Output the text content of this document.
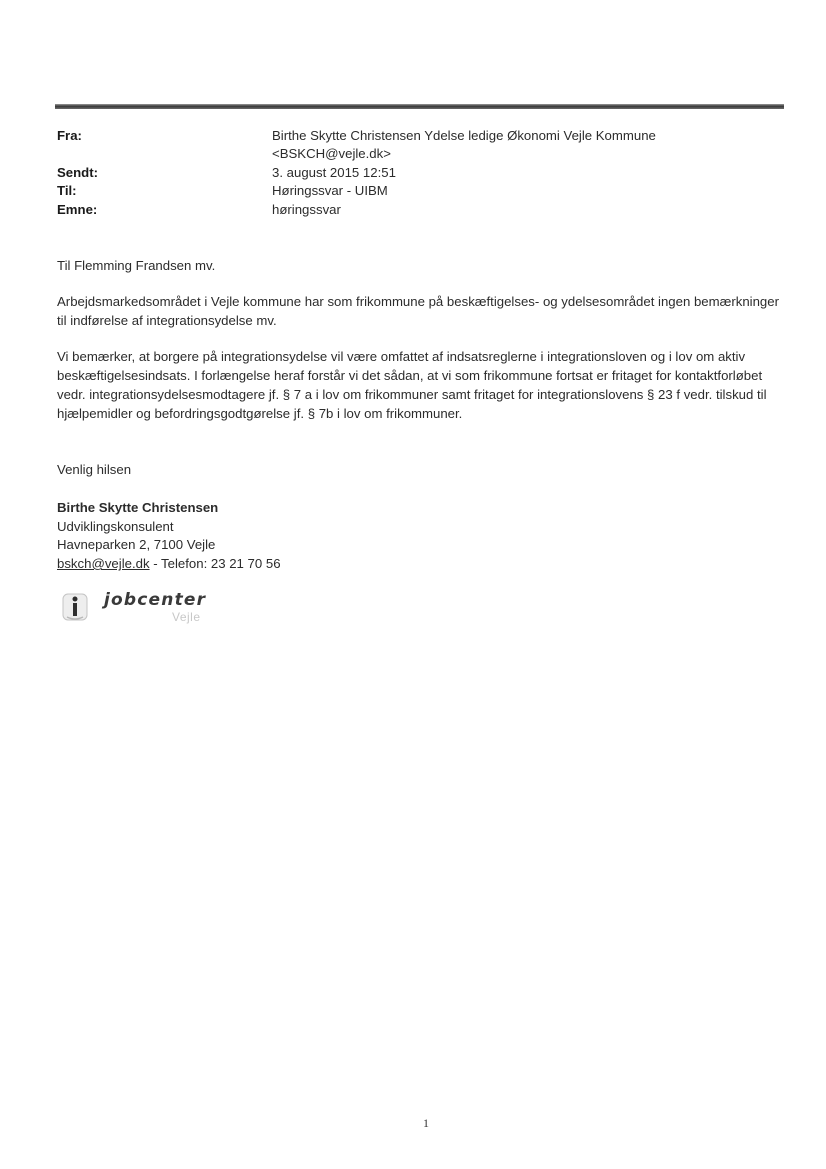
Fra:	Birthe Skytte Christensen Ydelse ledige Økonomi Vejle Kommune
<BSKCH@vejle.dk>
Sendt:	3. august 2015 12:51
Til:	Høringssvar - UIBM
Emne:	høringssvar

Til Flemming Frandsen mv.

Arbejdsmarkedsområdet i Vejle kommune har som frikommune på beskæftigelses- og ydelsesområdet ingen bemærkninger til indførelse af integrationsydelse mv.

Vi bemærker, at borgere på integrationsydelse vil være omfattet af indsatsreglerne i integrationsloven og i lov om aktiv beskæftigelsesindsats. I forlængelse heraf forstår vi det sådan, at vi som frikommune fortsat er fritaget for kontaktforløbet vedr. integrationsydelsesmodtagere jf. § 7 a i lov om frikommuner samt fritaget for integrationslovens § 23 f vedr. tilskud til hjælpemidler og befordringsgodtgørelse jf. § 7b i lov om frikommuner.

Venlig hilsen

Birthe Skytte Christensen
Udviklingskonsulent
Havneparken 2, 7100 Vejle
bskch@vejle.dk - Telefon: 23 21 70 56
jobcenter
Vejle
1
